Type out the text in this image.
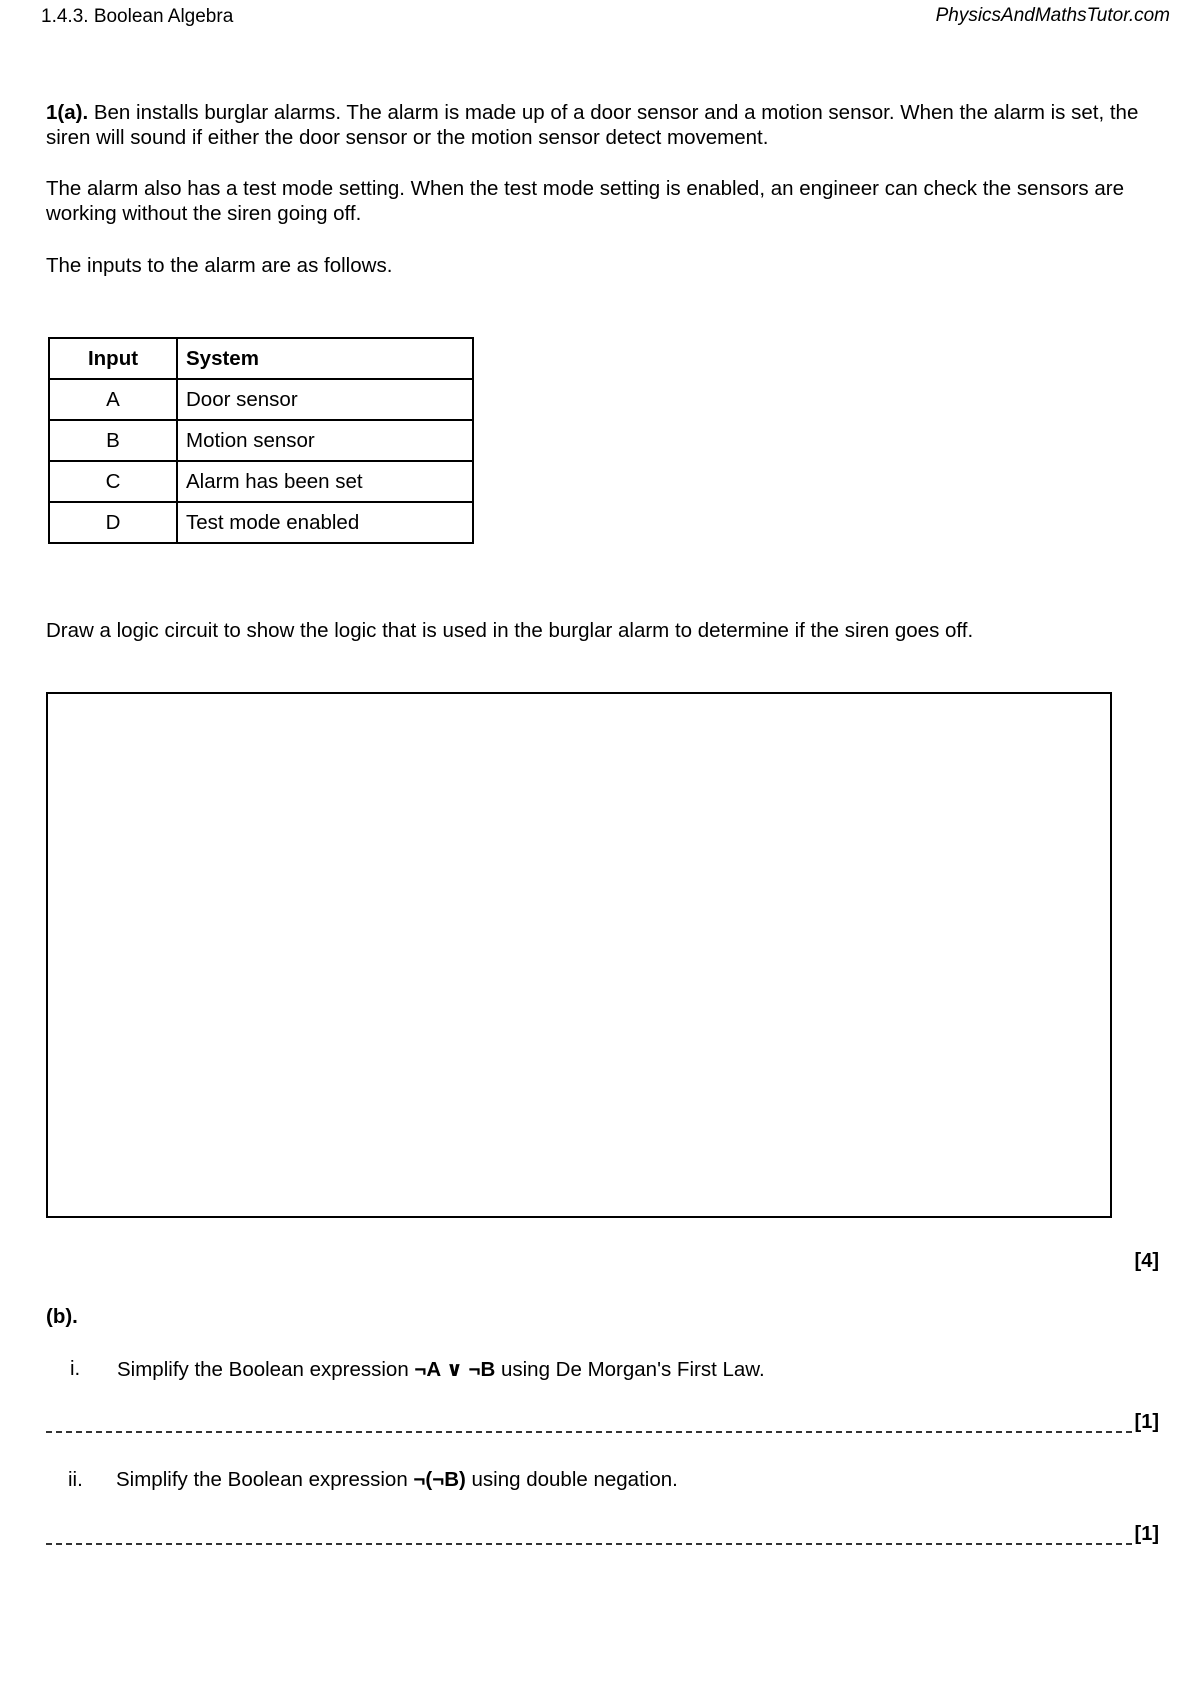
1.4.3. Boolean Algebra	PhysicsAndMathsTutor.com

1(a). Ben installs burglar alarms. The alarm is made up of a door sensor and a motion sensor. When the alarm is set, the siren will sound if either the door sensor or the motion sensor detect movement.

The alarm also has a test mode setting. When the test mode setting is enabled, an engineer can check the sensors are working without the siren going off.

The inputs to the alarm are as follows.

Input	System
A	Door sensor
B	Motion sensor
C	Alarm has been set
D	Test mode enabled

Draw a logic circuit to show the logic that is used in the burglar alarm to determine if the siren goes off.

[4]
(b).
i. Simplify the Boolean expression ¬A ∨ ¬B using De Morgan's First Law.
[1]
ii. Simplify the Boolean expression ¬(¬B) using double negation.
[1]
